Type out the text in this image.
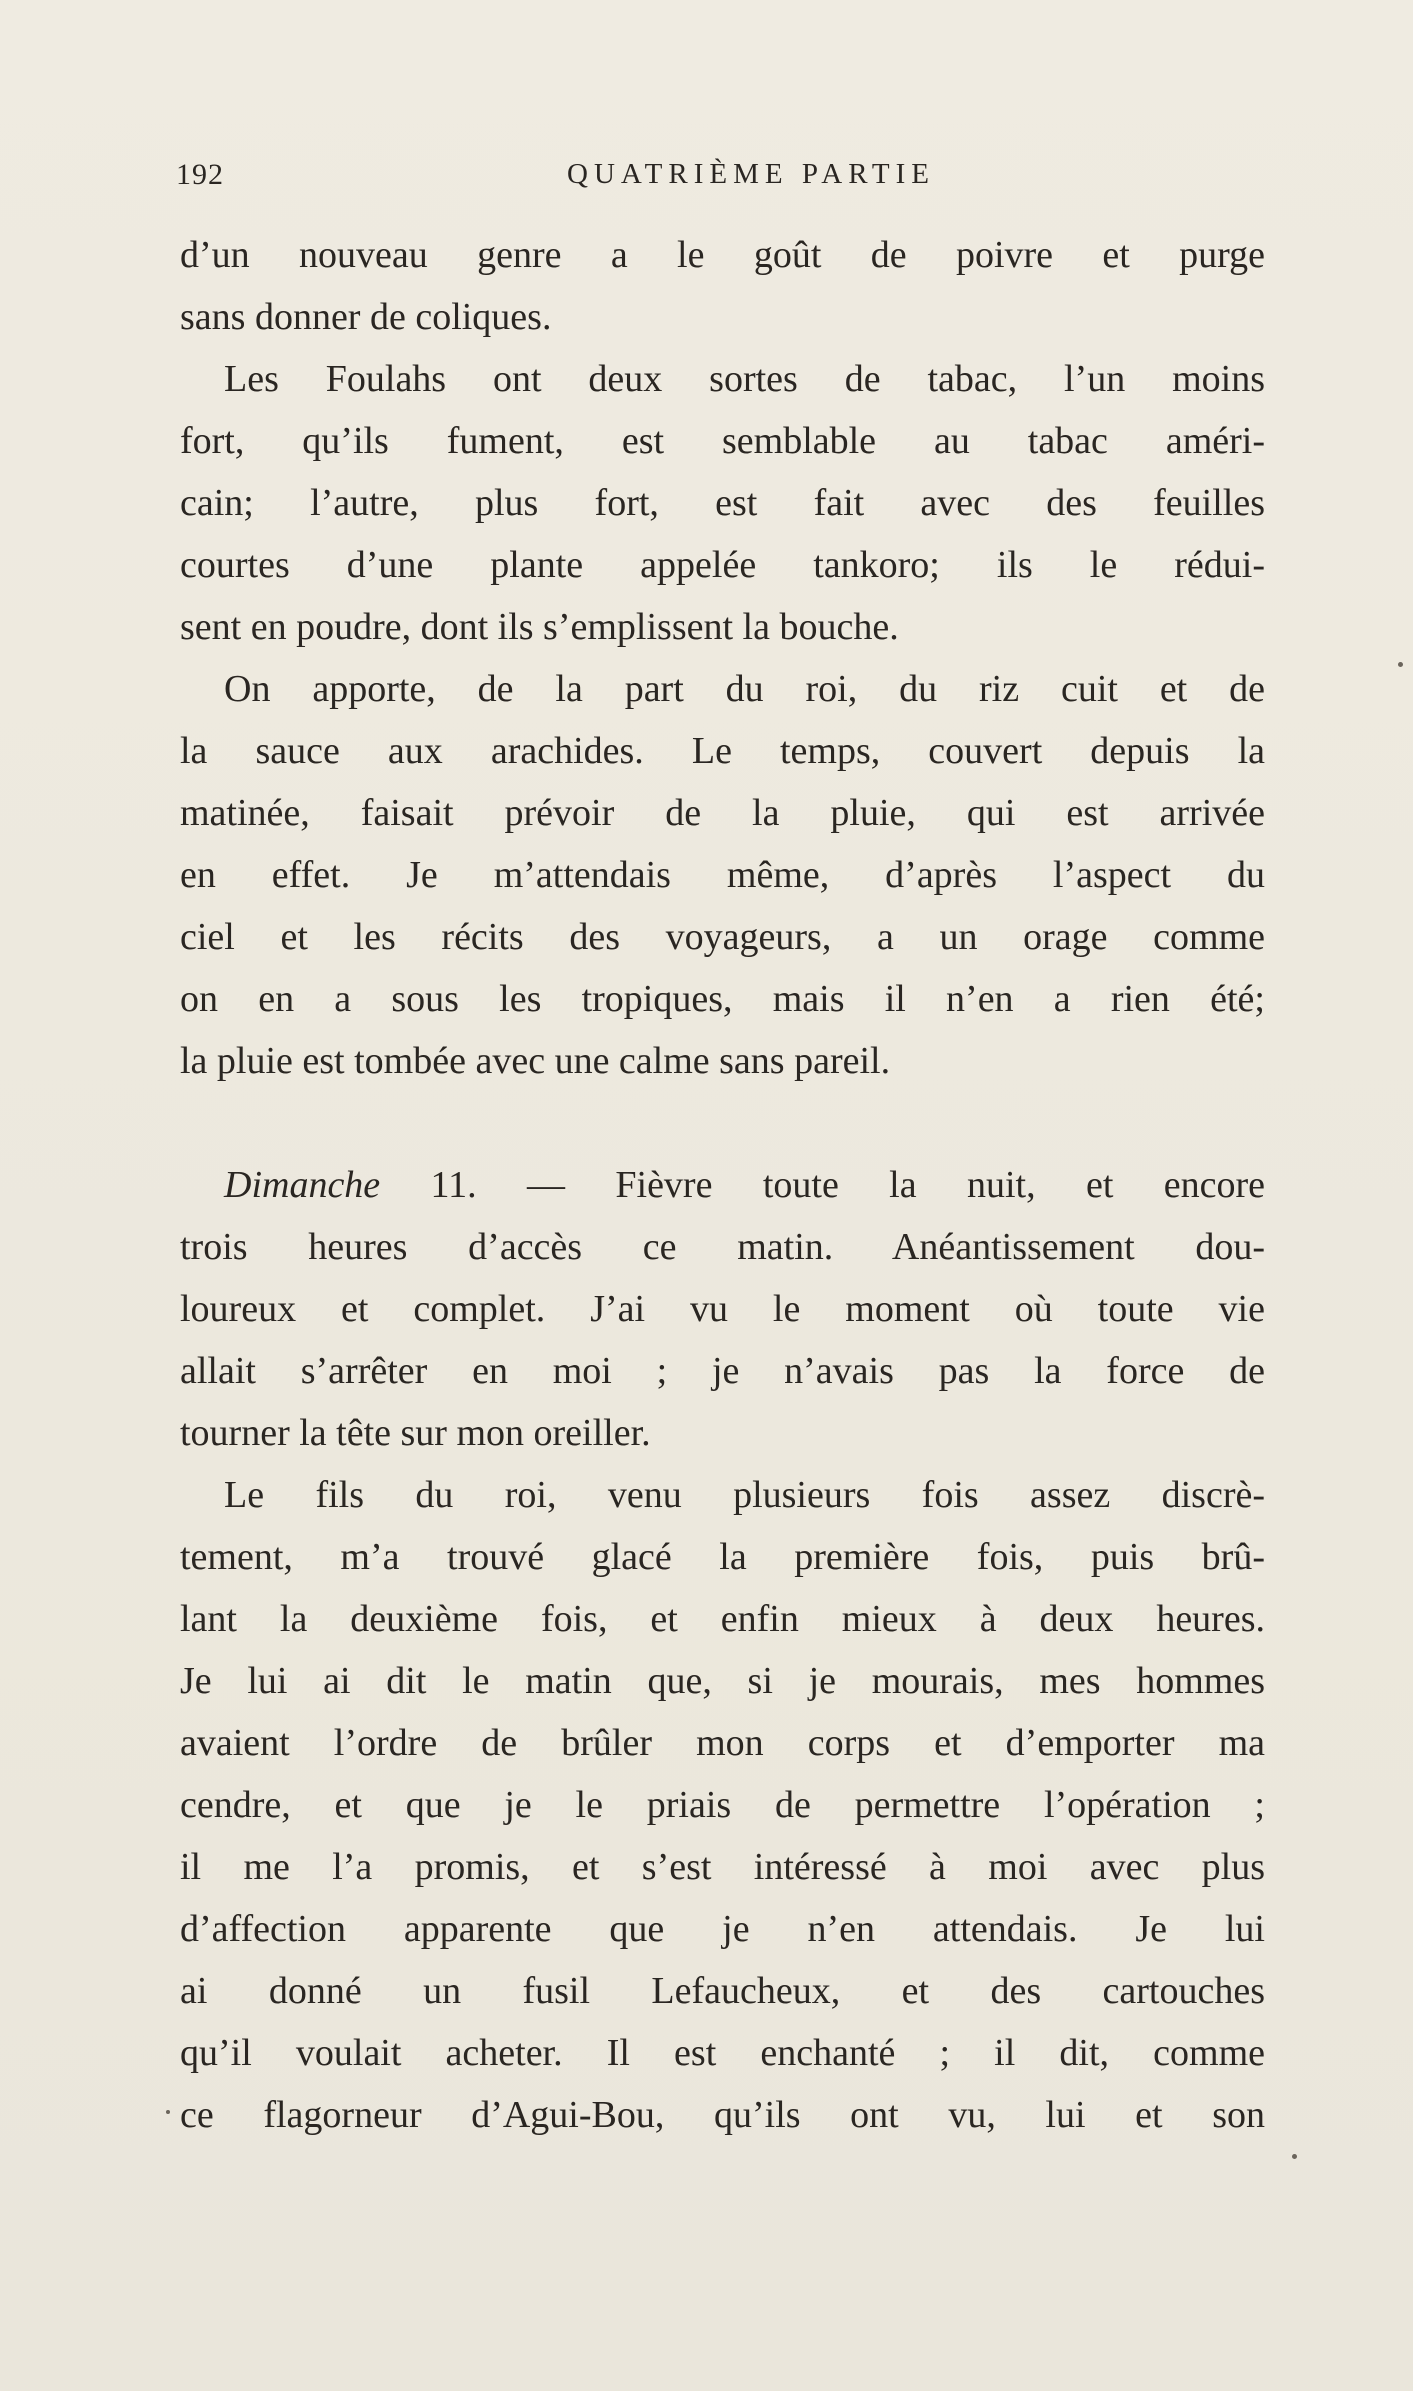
192	QUATRIÈME PARTIE
d’un nouveau genre a le goût de poivre et purge
sans donner de coliques.
Les Foulahs ont deux sortes de tabac, l’un moins
fort, qu’ils fument, est semblable au tabac améri-
cain; l’autre, plus fort, est fait avec des feuilles
courtes d’une plante appelée tankoro; ils le rédui-
sent en poudre, dont ils s’emplissent la bouche.
On apporte, de la part du roi, du riz cuit et de
la sauce aux arachides. Le temps, couvert depuis la
matinée, faisait prévoir de la pluie, qui est arrivée
en effet. Je m’attendais même, d’après l’aspect du
ciel et les récits des voyageurs, a un orage comme
on en a sous les tropiques, mais il n’en a rien été;
la pluie est tombée avec une calme sans pareil.
Dimanche 11. — Fièvre toute la nuit, et encore
trois heures d’accès ce matin. Anéantissement dou-
loureux et complet. J’ai vu le moment où toute vie
allait s’arrêter en moi ; je n’avais pas la force de
tourner la tête sur mon oreiller.
Le fils du roi, venu plusieurs fois assez discrè-
tement, m’a trouvé glacé la première fois, puis brû-
lant la deuxième fois, et enfin mieux à deux heures.
Je lui ai dit le matin que, si je mourais, mes hommes
avaient l’ordre de brûler mon corps et d’emporter ma
cendre, et que je le priais de permettre l’opération ;
il me l’a promis, et s’est intéressé à moi avec plus
d’affection apparente que je n’en attendais. Je lui
ai donné un fusil Lefaucheux, et des cartouches
qu’il voulait acheter. Il est enchanté ; il dit, comme
ce flagorneur d’Agui-Bou, qu’ils ont vu, lui et son
